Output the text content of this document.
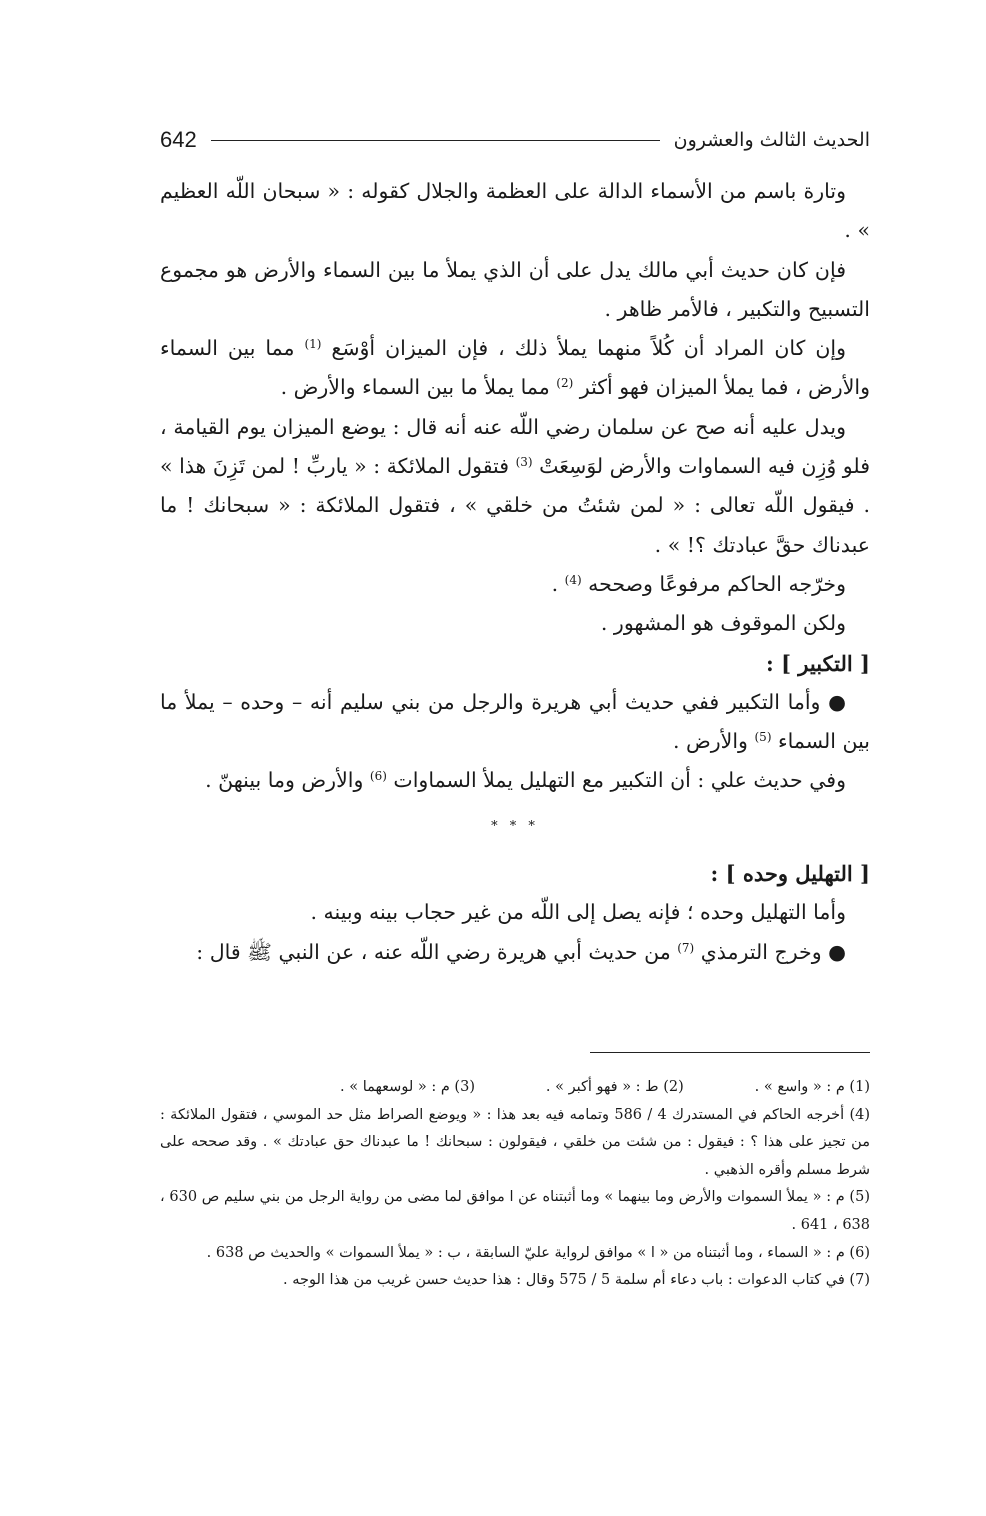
642	الحديث الثالث والعشرون

وتارة باسم من الأسماء الدالة على العظمة والجلال كقوله : « سبحان اللّه العظيم » .

فإن كان حديث أبي مالك يدل على أن الذي يملأ ما بين السماء والأرض هو مجموع التسبيح والتكبير ، فالأمر ظاهر .

وإن كان المراد أن كُلاً منهما يملأ ذلك ، فإن الميزان أوْسَع $^{(1)}$ مما بين السماء والأرض ، فما يملأ الميزان فهو أكثر $^{(2)}$ مما يملأ ما بين السماء والأرض .

ويدل عليه أنه صح عن سلمان رضي اللّه عنه أنه قال : يوضع الميزان يوم القيامة ، فلو وُزِن فيه السماوات والأرض لوَسِعَتْ $^{(3)}$ فتقول الملائكة : « ياربِّ ! لمن تَزِنَ هذا » . فيقول اللّه تعالى : « لمن شئتُ من خلقي » ، فتقول الملائكة : « سبحانك ! ما عبدناك حقَّ عبادتك ؟! » .

وخرّجه الحاكم مرفوعًا وصححه $^{(4)}$ .

ولكن الموقوف هو المشهور .

[ التكبير ] :

● وأما التكبير ففي حديث أبي هريرة والرجل من بني سليم أنه – وحده – يملأ ما بين السماء $^{(5)}$ والأرض .

وفي حديث علي : أن التكبير مع التهليل يملأ السماوات $^{(6)}$ والأرض وما بينهنّ .

* * *

[ التهليل وحده ] :

وأما التهليل وحده ؛ فإنه يصل إلى اللّه من غير حجاب بينه وبينه .

● وخرج الترمذي $^{(7)}$ من حديث أبي هريرة رضي اللّه عنه ، عن النبي ﷺ قال :

(1) م : « واسع » .
(2) ط : « فهو أكبر » .
(3) م : « لوسعهما » .

(4) أخرجه الحاكم في المستدرك 4 / 586 وتمامه فيه بعد هذا : « ويوضع الصراط مثل حد الموسي ، فتقول الملائكة : من تجيز على هذا ؟ : فيقول : من شئت من خلقي ، فيقولون : سبحانك ! ما عبدناك حق عبادتك » . وقد صححه على شرط مسلم وأقره الذهبي .

(5) م : « يملأ السموات والأرض وما بينهما » وما أثبتناه عن ا موافق لما مضى من رواية الرجل من بني سليم ص 630 ، 638 ، 641 .

(6) م : « السماء ، وما أثبتناه من « ا » موافق لرواية عليّ السابقة ، ب : « يملأ السموات » والحديث ص 638 .

(7) في كتاب الدعوات : باب دعاء أم سلمة 5 / 575 وقال : هذا حديث حسن غريب من هذا الوجه .
